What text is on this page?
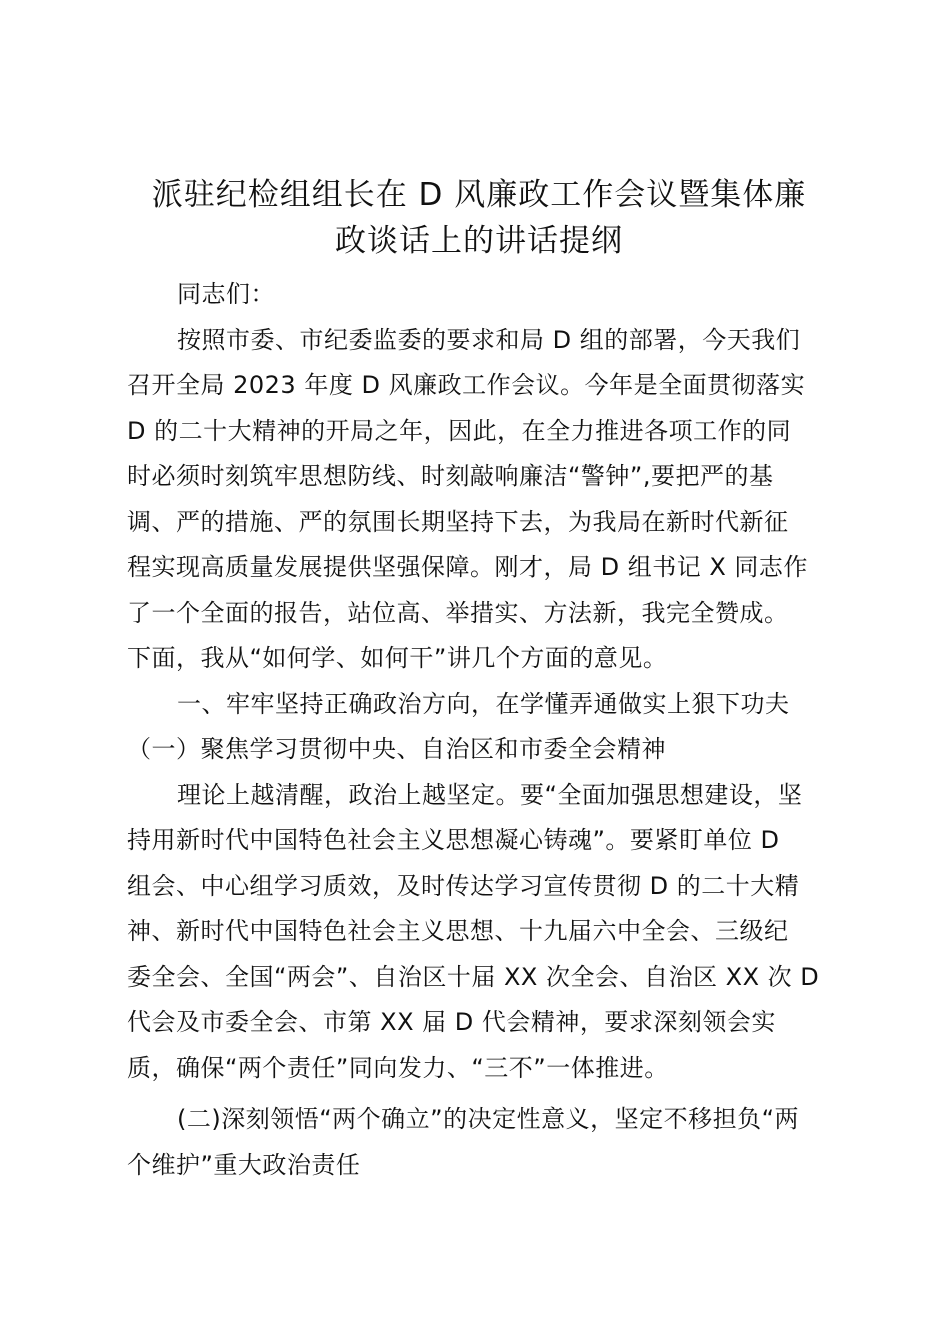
派驻纪检组组长在 D 风廉政工作会议暨集体廉
政谈话上的讲话提纲

同志们：

按照市委、市纪委监委的要求和局 D 组的部署，今天我们
召开全局 2023 年度 D 风廉政工作会议。今年是全面贯彻落实
D 的二十大精神的开局之年，因此，在全力推进各项工作的同
时必须时刻筑牢思想防线、时刻敲响廉洁“警钟”,要把严的基
调、严的措施、严的氛围长期坚持下去，为我局在新时代新征
程实现高质量发展提供坚强保障。刚才，局 D 组书记 X 同志作
了一个全面的报告，站位高、举措实、方法新，我完全赞成。
下面，我从“如何学、如何干”讲几个方面的意见。

一、牢牢坚持正确政治方向，在学懂弄通做实上狠下功夫

（一）聚焦学习贯彻中央、自治区和市委全会精神

理论上越清醒，政治上越坚定。要“全面加强思想建设，坚
持用新时代中国特色社会主义思想凝心铸魂”。要紧盯单位 D
组会、中心组学习质效，及时传达学习宣传贯彻 D 的二十大精
神、新时代中国特色社会主义思想、十九届六中全会、三级纪
委全会、全国“两会”、自治区十届 XX 次全会、自治区 XX 次 D
代会及市委全会、市第 XX 届 D 代会精神，要求深刻领会实
质，确保“两个责任”同向发力、“三不”一体推进。

(二)深刻领悟“两个确立”的决定性意义，坚定不移担负“两
个维护”重大政治责任
